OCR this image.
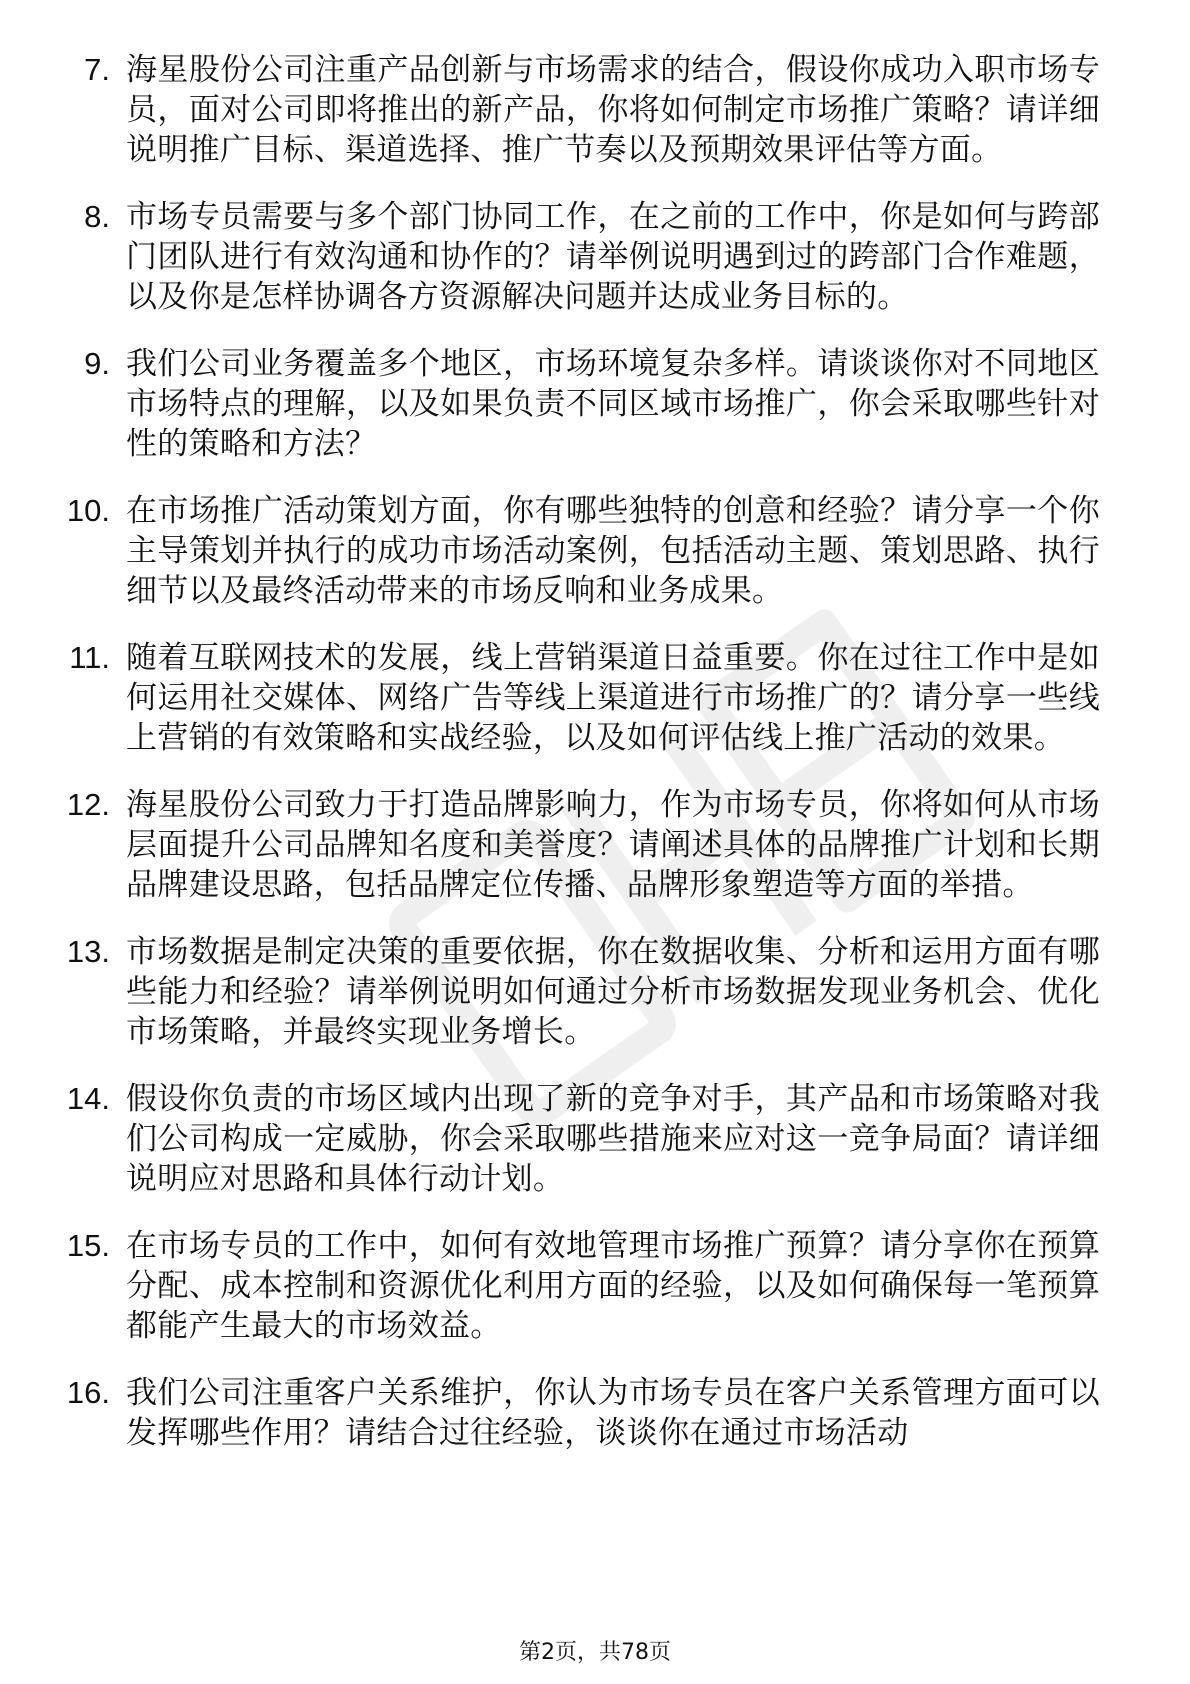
7. 海星股份公司注重产品创新与市场需求的结合，假设你成功入职市场专员，面对公司即将推出的新产品，你将如何制定市场推广策略？请详细说明推广目标、渠道选择、推广节奏以及预期效果评估等方面。
8. 市场专员需要与多个部门协同工作，在之前的工作中，你是如何与跨部门团队进行有效沟通和协作的？请举例说明遇到过的跨部门合作难题，以及你是怎样协调各方资源解决问题并达成业务目标的。
9. 我们公司业务覆盖多个地区，市场环境复杂多样。请谈谈你对不同地区市场特点的理解，以及如果负责不同区域市场推广，你会采取哪些针对性的策略和方法？
10. 在市场推广活动策划方面，你有哪些独特的创意和经验？请分享一个你主导策划并执行的成功市场活动案例，包括活动主题、策划思路、执行细节以及最终活动带来的市场反响和业务成果。
11. 随着互联网技术的发展，线上营销渠道日益重要。你在过往工作中是如何运用社交媒体、网络广告等线上渠道进行市场推广的？请分享一些线上营销的有效策略和实战经验，以及如何评估线上推广活动的效果。
12. 海星股份公司致力于打造品牌影响力，作为市场专员，你将如何从市场层面提升公司品牌知名度和美誉度？请阐述具体的品牌推广计划和长期品牌建设思路，包括品牌定位传播、品牌形象塑造等方面的举措。
13. 市场数据是制定决策的重要依据，你在数据收集、分析和运用方面有哪些能力和经验？请举例说明如何通过分析市场数据发现业务机会、优化市场策略，并最终实现业务增长。
14. 假设你负责的市场区域内出现了新的竞争对手，其产品和市场策略对我们公司构成一定威胁，你会采取哪些措施来应对这一竞争局面？请详细说明应对思路和具体行动计划。
15. 在市场专员的工作中，如何有效地管理市场推广预算？请分享你在预算分配、成本控制和资源优化利用方面的经验，以及如何确保每一笔预算都能产生最大的市场效益。
16. 我们公司注重客户关系维护，你认为市场专员在客户关系管理方面可以发挥哪些作用？请结合过往经验，谈谈你在通过市场活动
第2页，共78页
